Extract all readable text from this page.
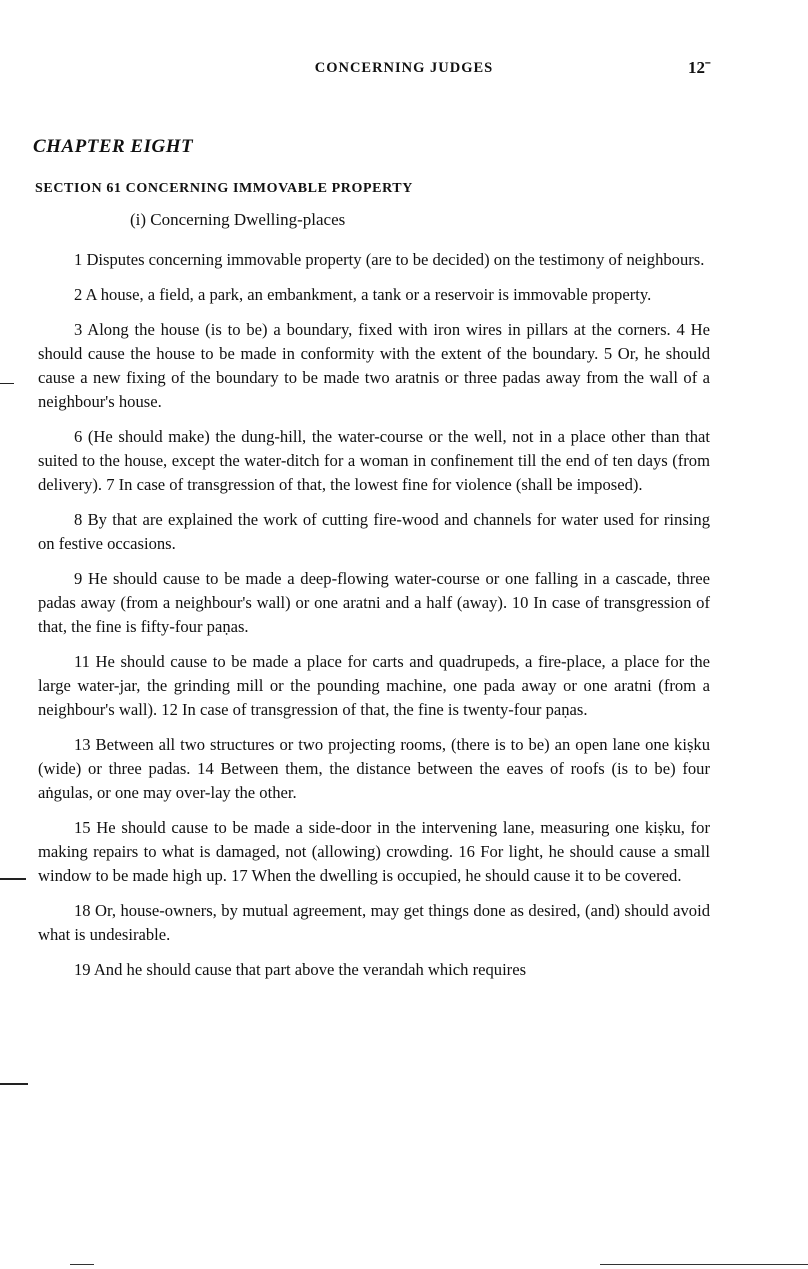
CONCERNING JUDGES	12ˉ
CHAPTER EIGHT
SECTION 61 CONCERNING IMMOVABLE PROPERTY
(i) Concerning Dwelling-places

1 Disputes concerning immovable property (are to be decided) on the testimony of neighbours.

2 A house, a field, a park, an embankment, a tank or a reservoir is immovable property.

3 Along the house (is to be) a boundary, fixed with iron wires in pillars at the corners. 4 He should cause the house to be made in conformity with the extent of the boundary. 5 Or, he should cause a new fixing of the boundary to be made two aratnis or three padas away from the wall of a neighbour's house.

6 (He should make) the dung-hill, the water-course or the well, not in a place other than that suited to the house, except the water-ditch for a woman in confinement till the end of ten days (from delivery). 7 In case of transgression of that, the lowest fine for violence (shall be imposed).

8 By that are explained the work of cutting fire-wood and channels for water used for rinsing on festive occasions.

9 He should cause to be made a deep-flowing water-course or one falling in a cascade, three padas away (from a neighbour's wall) or one aratni and a half (away). 10 In case of transgression of that, the fine is fifty-four paṇas.

11 He should cause to be made a place for carts and quadrupeds, a fire-place, a place for the large water-jar, the grinding mill or the pounding machine, one pada away or one aratni (from a neighbour's wall). 12 In case of transgression of that, the fine is twenty-four paṇas.

13 Between all two structures or two projecting rooms, (there is to be) an open lane one kiṣku (wide) or three padas. 14 Between them, the distance between the eaves of roofs (is to be) four aṅgulas, or one may over-lay the other.

15 He should cause to be made a side-door in the intervening lane, measuring one kiṣku, for making repairs to what is damaged, not (allowing) crowding. 16 For light, he should cause a small window to be made high up. 17 When the dwelling is occupied, he should cause it to be covered.

18 Or, house-owners, by mutual agreement, may get things done as desired, (and) should avoid what is undesirable.

19 And he should cause that part above the verandah which requires
